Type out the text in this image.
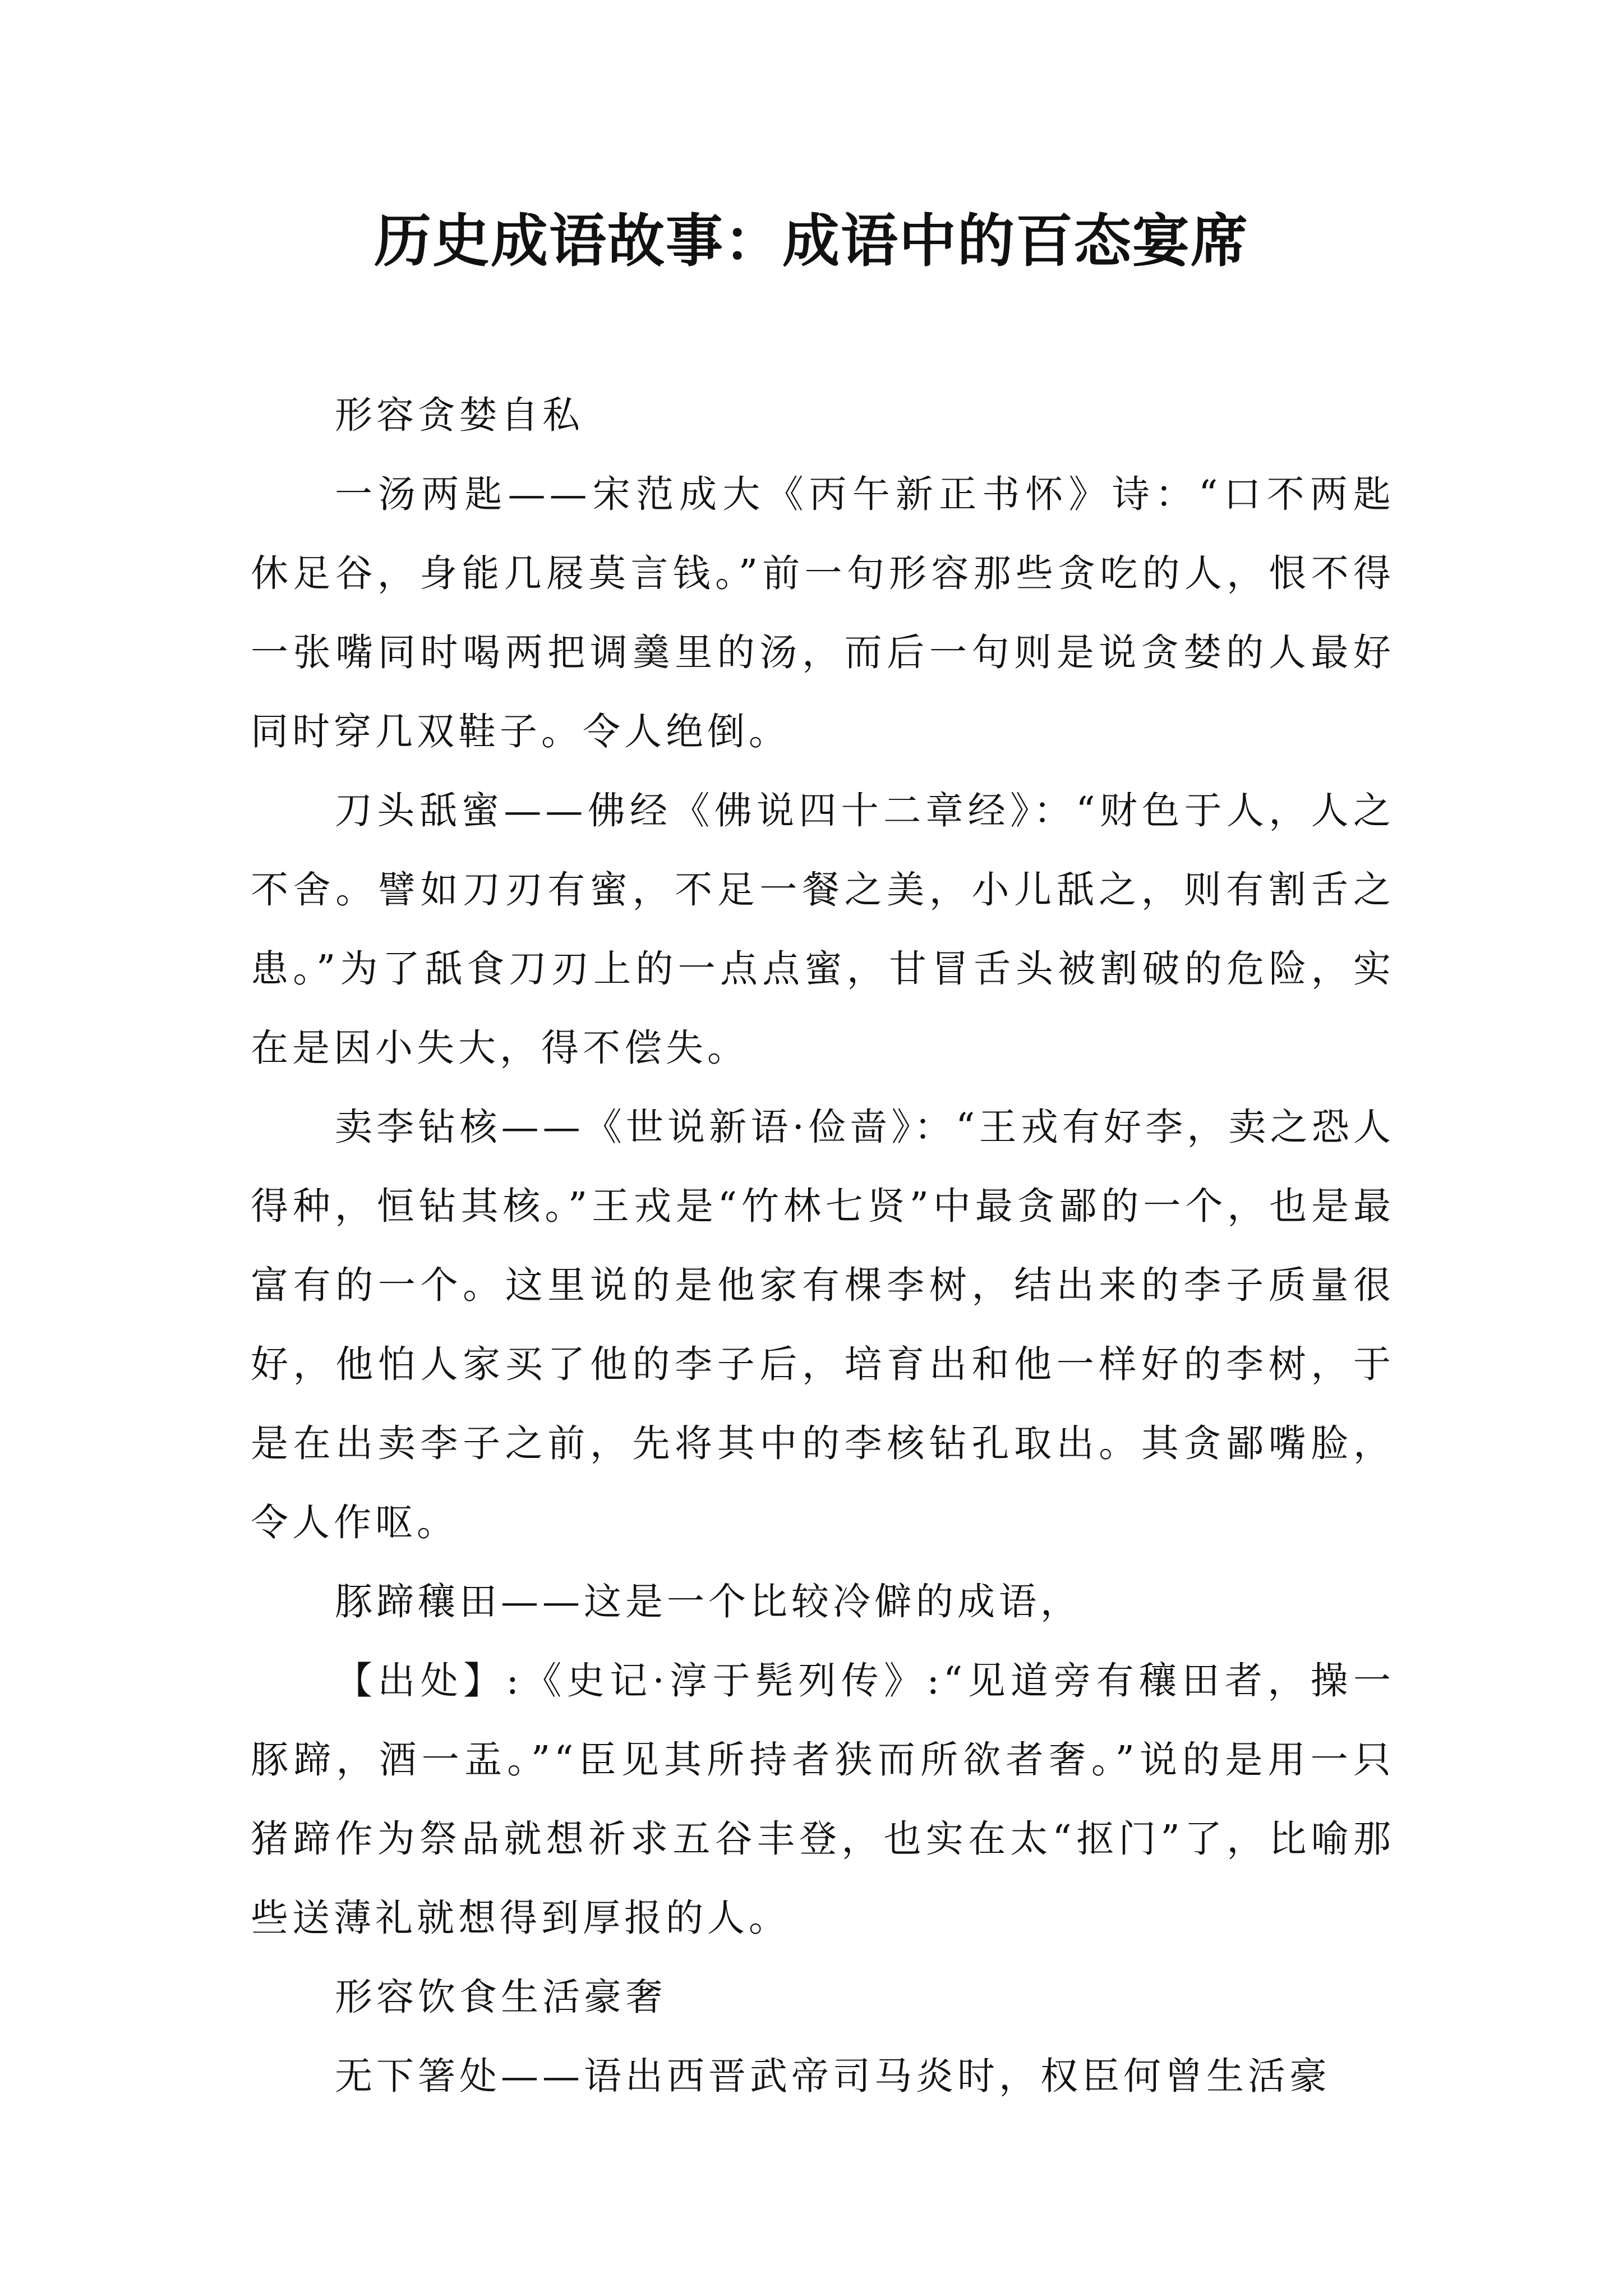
历史成语故事：成语中的百态宴席

形容贪婪自私

一汤两匙——宋范成大《丙午新正书怀》诗：“口不两匙休足谷，身能几屐莫言钱。”前一句形容那些贪吃的人，恨不得一张嘴同时喝两把调羹里的汤，而后一句则是说贪婪的人最好同时穿几双鞋子。令人绝倒。

刀头舐蜜——佛经《佛说四十二章经》：“财色于人，人之不舍。譬如刀刃有蜜，不足一餐之美，小儿舐之，则有割舌之患。”为了舐食刀刃上的一点点蜜，甘冒舌头被割破的危险，实在是因小失大，得不偿失。

卖李钻核——《世说新语·俭啬》：“王戎有好李，卖之恐人得种，恒钻其核。”王戎是“竹林七贤”中最贪鄙的一个，也是最富有的一个。这里说的是他家有棵李树，结出来的李子质量很好，他怕人家买了他的李子后，培育出和他一样好的李树，于是在出卖李子之前，先将其中的李核钻孔取出。其贪鄙嘴脸，令人作呕。

豚蹄穰田——这是一个比较冷僻的成语，

【出处】:《史记·淳于髡列传》:“见道旁有穰田者，操一豚蹄，酒一盂。”“臣见其所持者狭而所欲者奢。”说的是用一只猪蹄作为祭品就想祈求五谷丰登，也实在太“抠门”了，比喻那些送薄礼就想得到厚报的人。

形容饮食生活豪奢

无下箸处——语出西晋武帝司马炎时，权臣何曾生活豪
